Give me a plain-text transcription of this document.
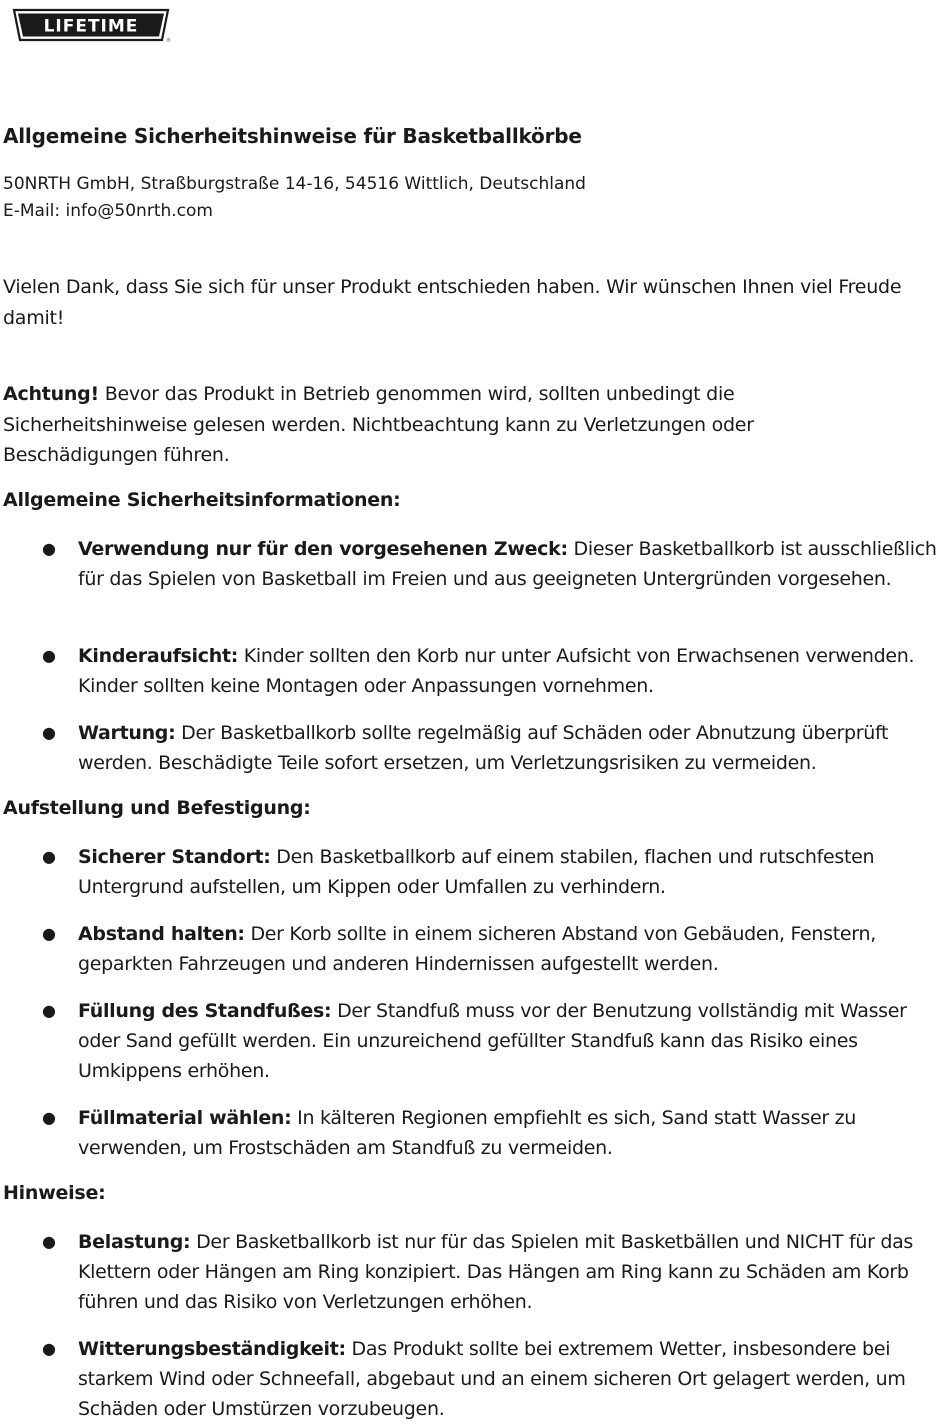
LIFETIME
®
Allgemeine Sicherheitshinweise für Basketballkörbe
50NRTH GmbH, Straßburgstraße 14-16, 54516 Wittlich, Deutschland
E-Mail: info@50nrth.com
Vielen Dank, dass Sie sich für unser Produkt entschieden haben. Wir wünschen Ihnen viel Freude damit!
Achtung! Bevor das Produkt in Betrieb genommen wird, sollten unbedingt die Sicherheitshinweise gelesen werden. Nichtbeachtung kann zu Verletzungen oder Beschädigungen führen.
Allgemeine Sicherheitsinformationen:
● Verwendung nur für den vorgesehenen Zweck: Dieser Basketballkorb ist ausschließlich für das Spielen von Basketball im Freien und aus geeigneten Untergründen vorgesehen.
● Kinderaufsicht: Kinder sollten den Korb nur unter Aufsicht von Erwachsenen verwenden. Kinder sollten keine Montagen oder Anpassungen vornehmen.
● Wartung: Der Basketballkorb sollte regelmäßig auf Schäden oder Abnutzung überprüft werden. Beschädigte Teile sofort ersetzen, um Verletzungsrisiken zu vermeiden.
Aufstellung und Befestigung:
● Sicherer Standort: Den Basketballkorb auf einem stabilen, flachen und rutschfesten Untergrund aufstellen, um Kippen oder Umfallen zu verhindern.
● Abstand halten: Der Korb sollte in einem sicheren Abstand von Gebäuden, Fenstern, geparkten Fahrzeugen und anderen Hindernissen aufgestellt werden.
● Füllung des Standfußes: Der Standfuß muss vor der Benutzung vollständig mit Wasser oder Sand gefüllt werden. Ein unzureichend gefüllter Standfuß kann das Risiko eines Umkippens erhöhen.
● Füllmaterial wählen: In kälteren Regionen empfiehlt es sich, Sand statt Wasser zu verwenden, um Frostschäden am Standfuß zu vermeiden.
Hinweise:
● Belastung: Der Basketballkorb ist nur für das Spielen mit Basketbällen und NICHT für das Klettern oder Hängen am Ring konzipiert. Das Hängen am Ring kann zu Schäden am Korb führen und das Risiko von Verletzungen erhöhen.
● Witterungsbeständigkeit: Das Produkt sollte bei extremem Wetter, insbesondere bei starkem Wind oder Schneefall, abgebaut und an einem sicheren Ort gelagert werden, um Schäden oder Umstürzen vorzubeugen.
